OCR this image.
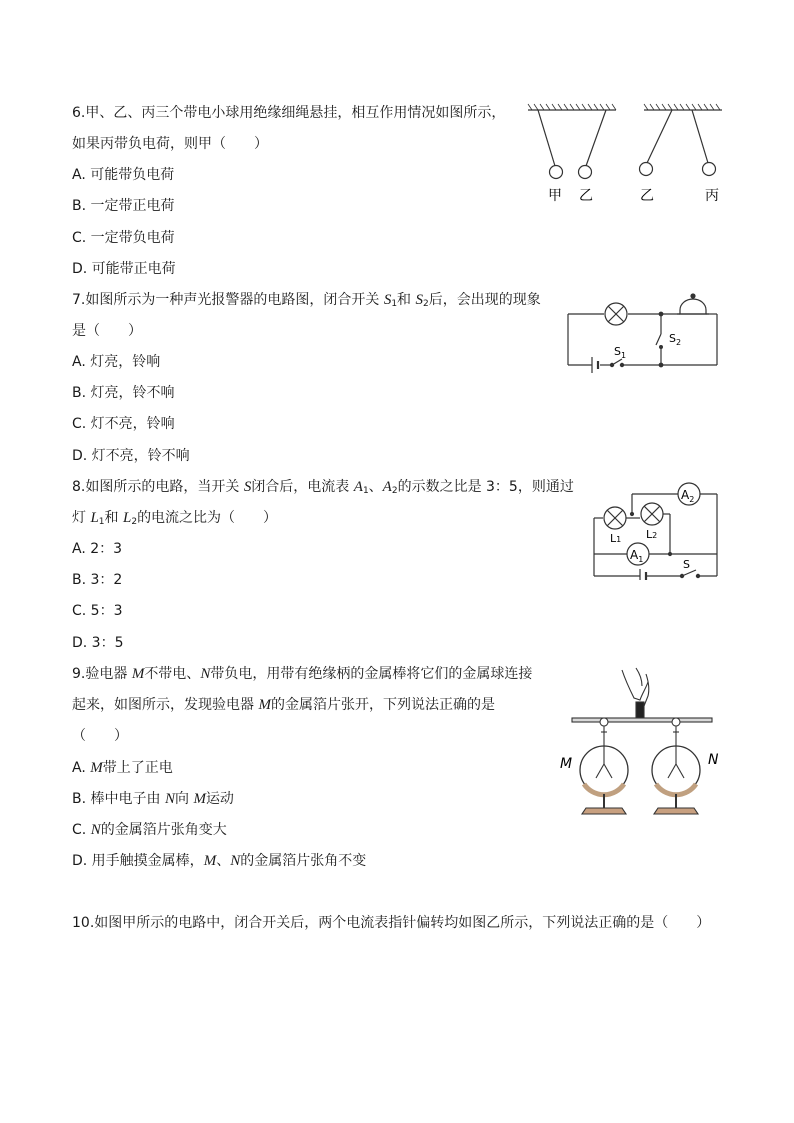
6.甲、乙、丙三个带电小球用绝缘细绳悬挂，相互作用情况如图所示，
如果丙带负电荷，则甲（　　）
A. 可能带负电荷
B. 一定带正电荷
C. 一定带负电荷
D. 可能带正电荷
甲 乙	乙	丙
7.如图所示为一种声光报警器的电路图，闭合开关 $S_1$和 $S_2$后，会出现的现象
是（　　）
A. 灯亮，铃响
B. 灯亮，铃不响
C. 灯不亮，铃响
D. 灯不亮，铃不响
$S_1$
$S_2$
8.如图所示的电路，当开关 S闭合后，电流表 $A_1$、$A_2$的示数之比是 3：5，则通过
灯 $L_1$和 $L_2$的电流之比为（　　）
A. 2：3
B. 3：2
C. 5：3
D. 3：5
$A_2$
$A_1$
L1 L2
S
9.验电器 M不带电、N带负电，用带有绝缘柄的金属棒将它们的金属球连接
起来，如图所示，发现验电器 M的金属箔片张开，下列说法正确的是
（　　）
A. M带上了正电
B. 棒中电子由 N向 M运动
C. N的金属箔片张角变大
D. 用手触摸金属棒，M、N的金属箔片张角不变
M	N
10.如图甲所示的电路中，闭合开关后，两个电流表指针偏转均如图乙所示，下列说法正确的是（　　）
